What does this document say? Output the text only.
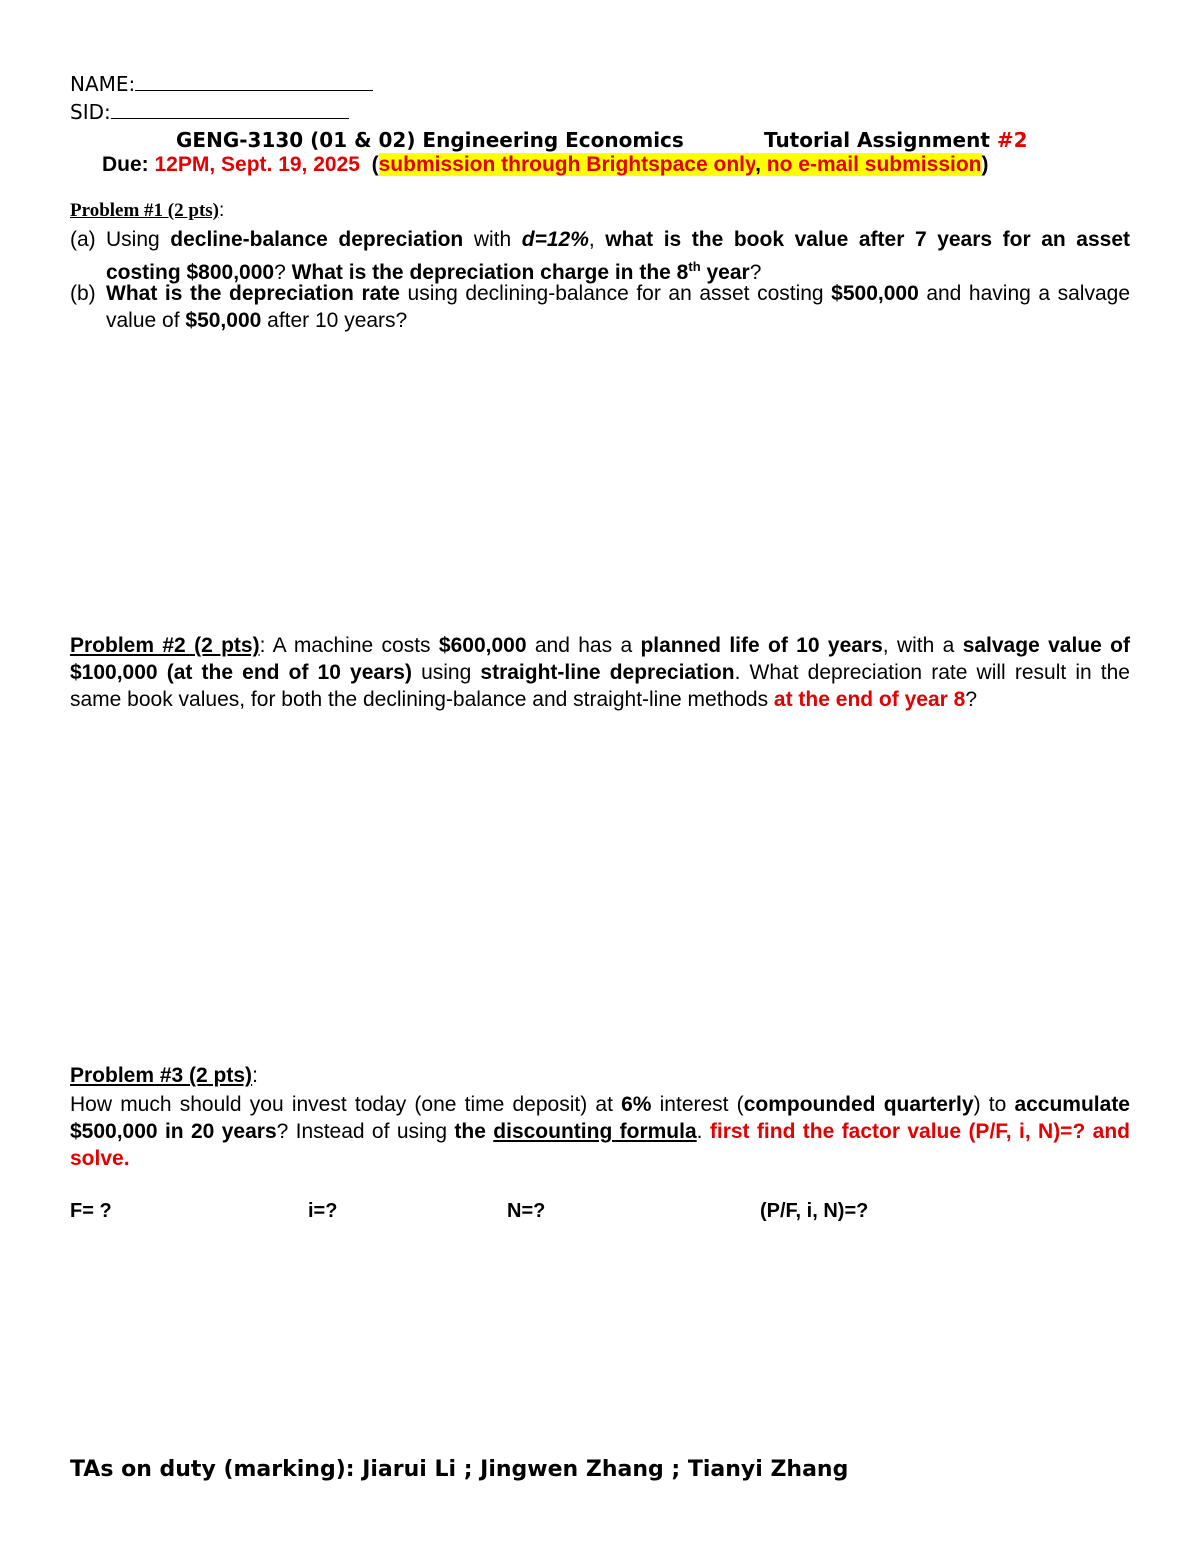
NAME:
SID:
GENG-3130 (01 & 02) Engineering Economics	Tutorial Assignment #2
Due: 12PM, Sept. 19, 2025  (submission through Brightspace only, no e-mail submission)
Problem #1 (2 pts):
(a) Using decline-balance depreciation with d=12%, what is the book value after 7 years for an asset costing $800,000? What is the depreciation charge in the 8th year?
(b) What is the depreciation rate using declining-balance for an asset costing $500,000 and having a salvage value of $50,000 after 10 years?
Problem #2 (2 pts): A machine costs $600,000 and has a planned life of 10 years, with a salvage value of $100,000 (at the end of 10 years) using straight-line depreciation. What depreciation rate will result in the same book values, for both the declining-balance and straight-line methods at the end of year 8?
Problem #3 (2 pts):
How much should you invest today (one time deposit) at 6% interest (compounded quarterly) to accumulate $500,000 in 20 years? Instead of using the discounting formula. first find the factor value (P/F, i, N)=? and solve.
F= ?	i=?	N=?	(P/F, i, N)=?
TAs on duty (marking): Jiarui Li ; Jingwen Zhang ; Tianyi Zhang
